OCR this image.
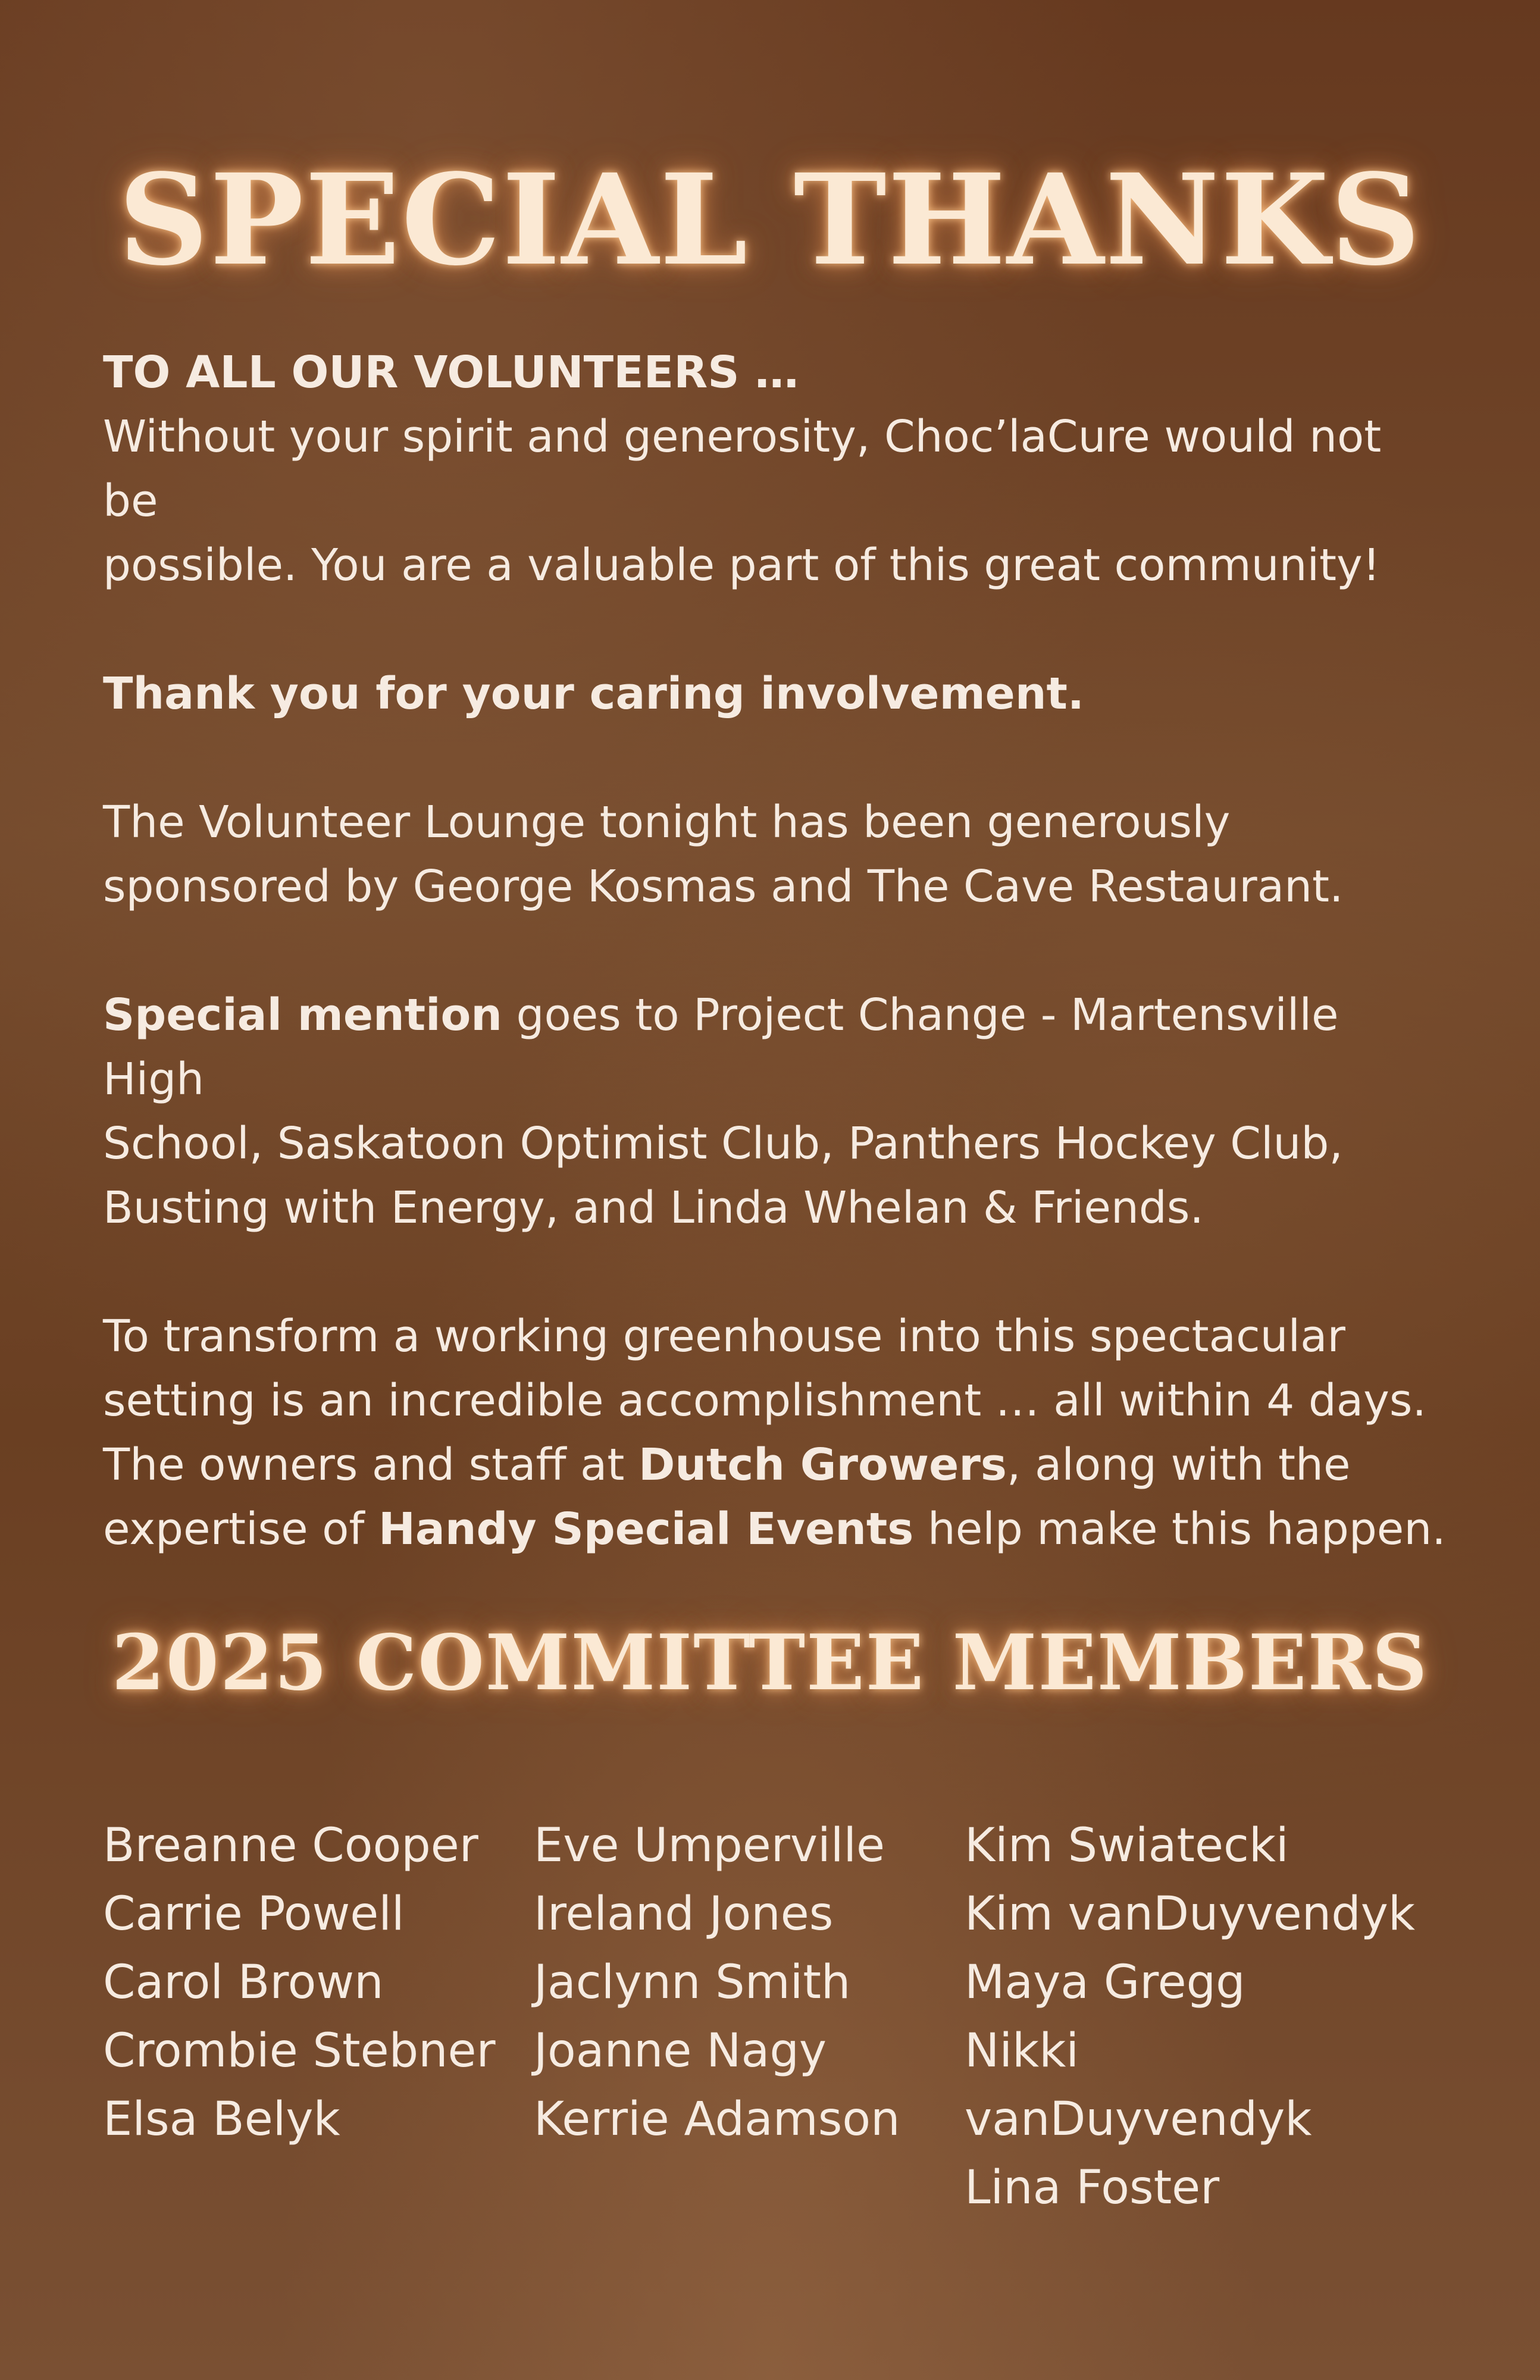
SPECIAL THANKS

TO ALL OUR VOLUNTEERS …

Without your spirit and generosity, Choc’laCure would not be

possible. You are a valuable part of this great community!

Thank you for your caring involvement.

The Volunteer Lounge tonight has been generously

sponsored by George Kosmas and The Cave Restaurant.

Special mention goes to Project Change - Martensville High

School, Saskatoon Optimist Club, Panthers Hockey Club,

Busting with Energy, and Linda Whelan & Friends.

To transform a working greenhouse into this spectacular

setting is an incredible accomplishment … all within 4 days.

The owners and staff at Dutch Growers, along with the

expertise of Handy Special Events help make this happen.

2025 COMMITTEE MEMBERS
Breanne Cooper
Carrie Powell
Carol Brown
Crombie Stebner
Elsa Belyk
Eve Umperville
Ireland Jones
Jaclynn Smith
Joanne Nagy
Kerrie Adamson
Kim Swiatecki
Kim vanDuyvendyk
Maya Gregg
Nikki vanDuyvendyk
Lina Foster
